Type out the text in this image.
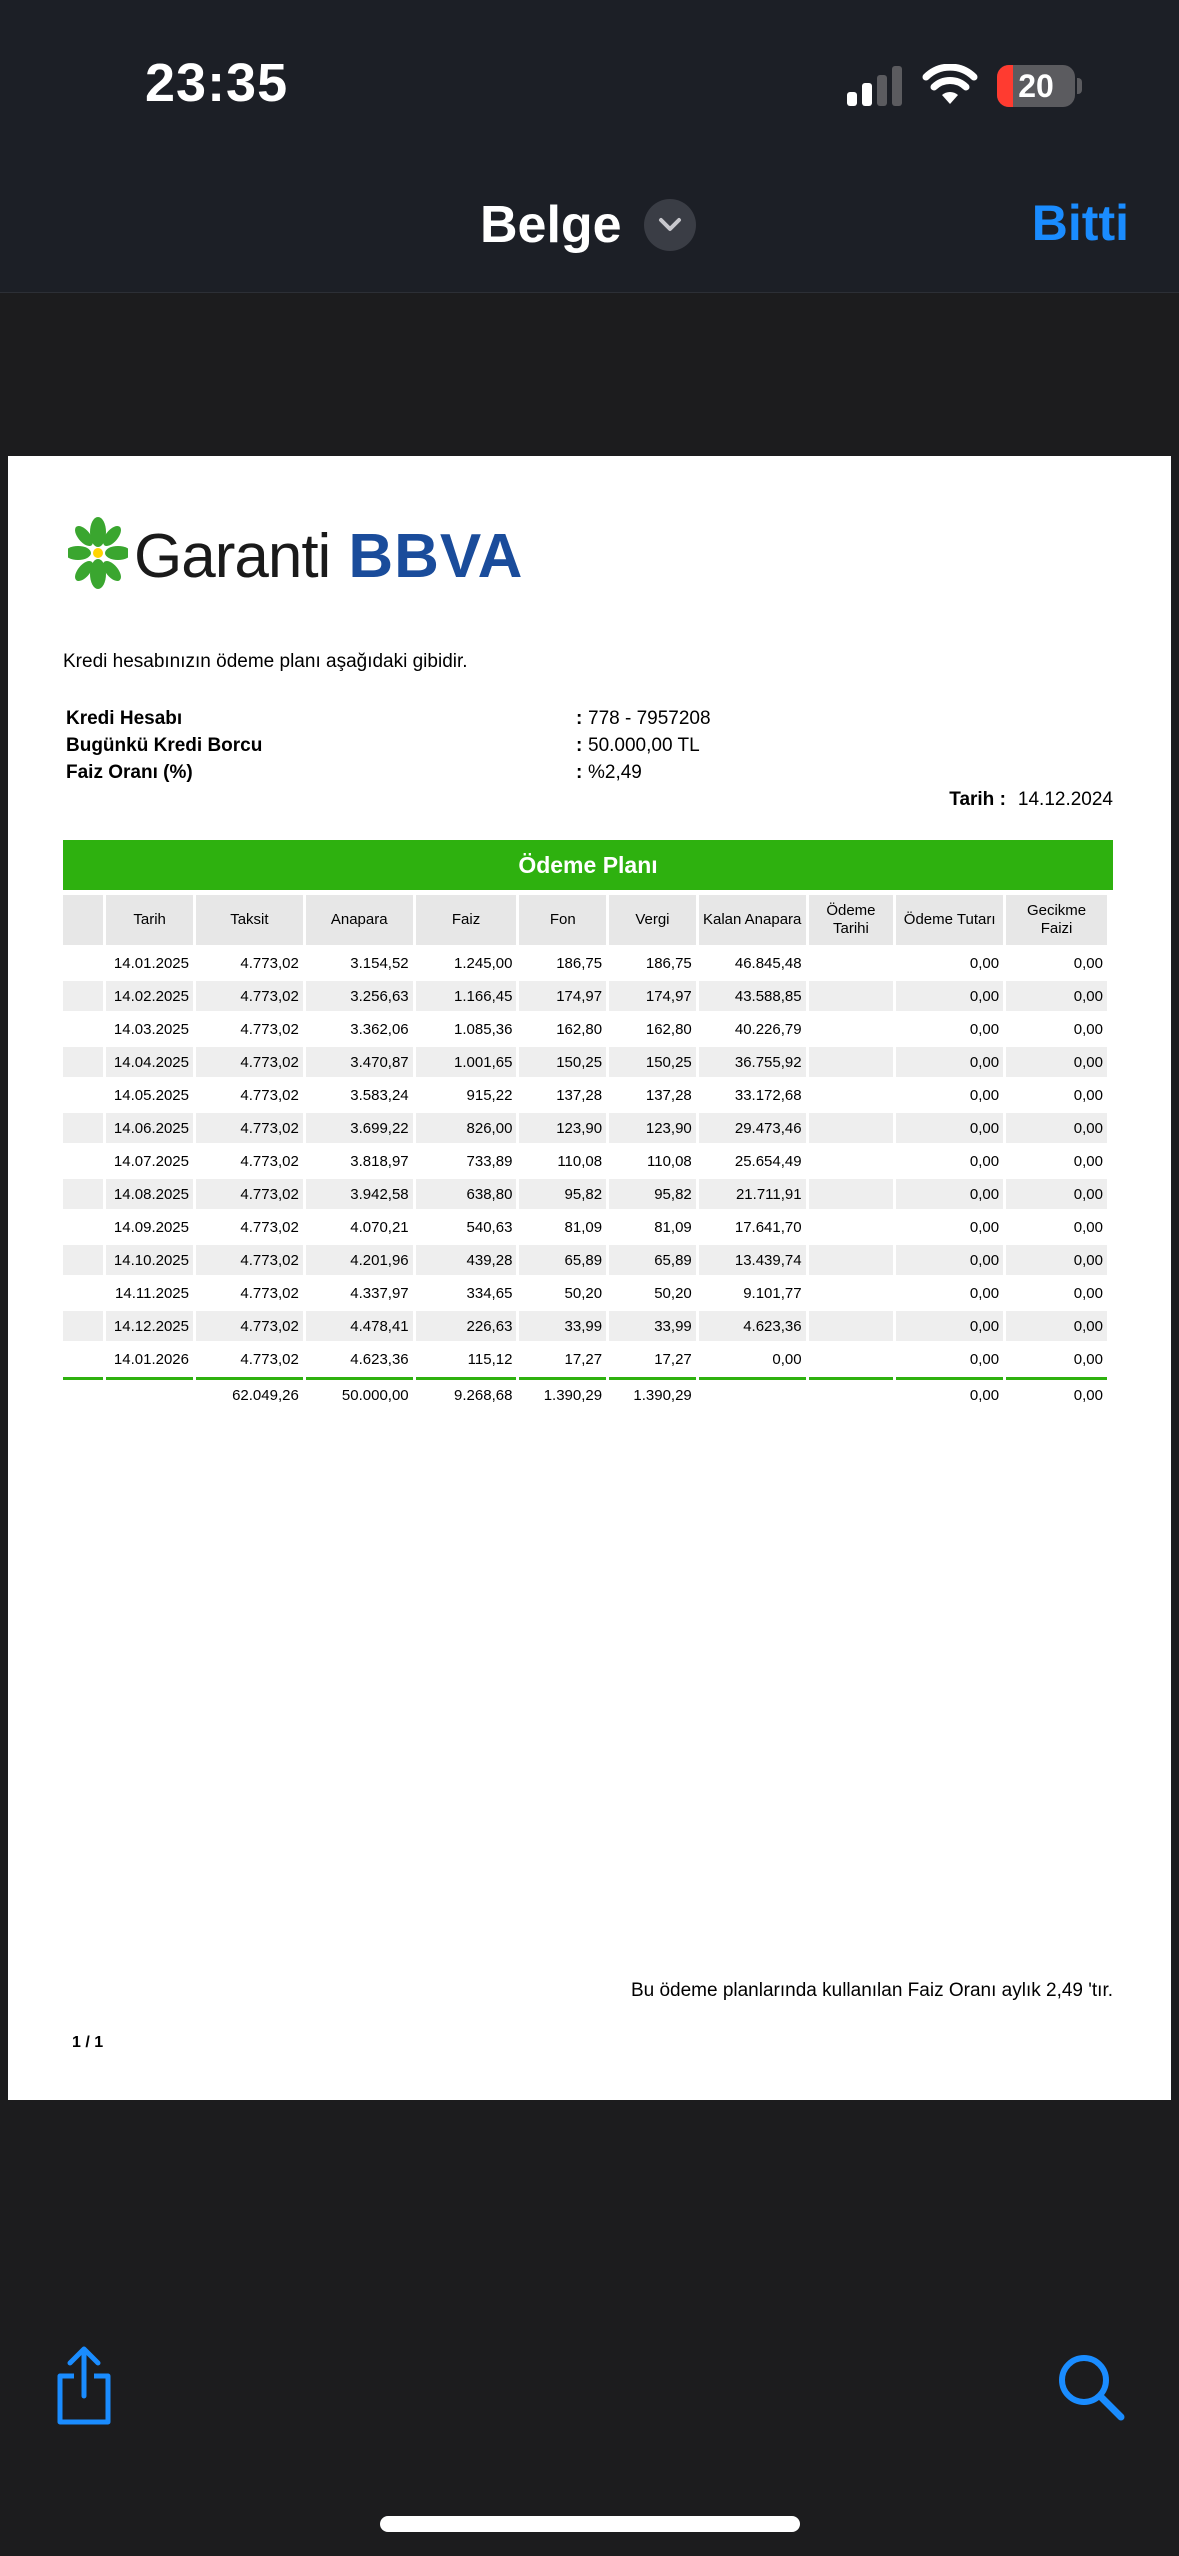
23:35	20
Belge	Bitti
Garanti BBVA
Kredi hesabınızın ödeme planı aşağıdaki gibidir.
Kredi Hesabı	: 778 - 7957208
Bugünkü Kredi Borcu	: 50.000,00 TL
Faiz Oranı (%)	: %2,49
Tarih : 14.12.2024
Ödeme Planı
	Tarih	Taksit	Anapara	Faiz	Fon	Vergi	Kalan Anapara	Ödeme Tarihi	Ödeme Tutarı	Gecikme Faizi
	14.01.2025	4.773,02	3.154,52	1.245,00	186,75	186,75	46.845,48		0,00	0,00
	14.02.2025	4.773,02	3.256,63	1.166,45	174,97	174,97	43.588,85		0,00	0,00
	14.03.2025	4.773,02	3.362,06	1.085,36	162,80	162,80	40.226,79		0,00	0,00
	14.04.2025	4.773,02	3.470,87	1.001,65	150,25	150,25	36.755,92		0,00	0,00
	14.05.2025	4.773,02	3.583,24	915,22	137,28	137,28	33.172,68		0,00	0,00
	14.06.2025	4.773,02	3.699,22	826,00	123,90	123,90	29.473,46		0,00	0,00
	14.07.2025	4.773,02	3.818,97	733,89	110,08	110,08	25.654,49		0,00	0,00
	14.08.2025	4.773,02	3.942,58	638,80	95,82	95,82	21.711,91		0,00	0,00
	14.09.2025	4.773,02	4.070,21	540,63	81,09	81,09	17.641,70		0,00	0,00
	14.10.2025	4.773,02	4.201,96	439,28	65,89	65,89	13.439,74		0,00	0,00
	14.11.2025	4.773,02	4.337,97	334,65	50,20	50,20	9.101,77		0,00	0,00
	14.12.2025	4.773,02	4.478,41	226,63	33,99	33,99	4.623,36		0,00	0,00
	14.01.2026	4.773,02	4.623,36	115,12	17,27	17,27	0,00		0,00	0,00
		62.049,26	50.000,00	9.268,68	1.390,29	1.390,29			0,00	0,00
Bu ödeme planlarında kullanılan Faiz Oranı aylık 2,49 'tır.
1 / 1
